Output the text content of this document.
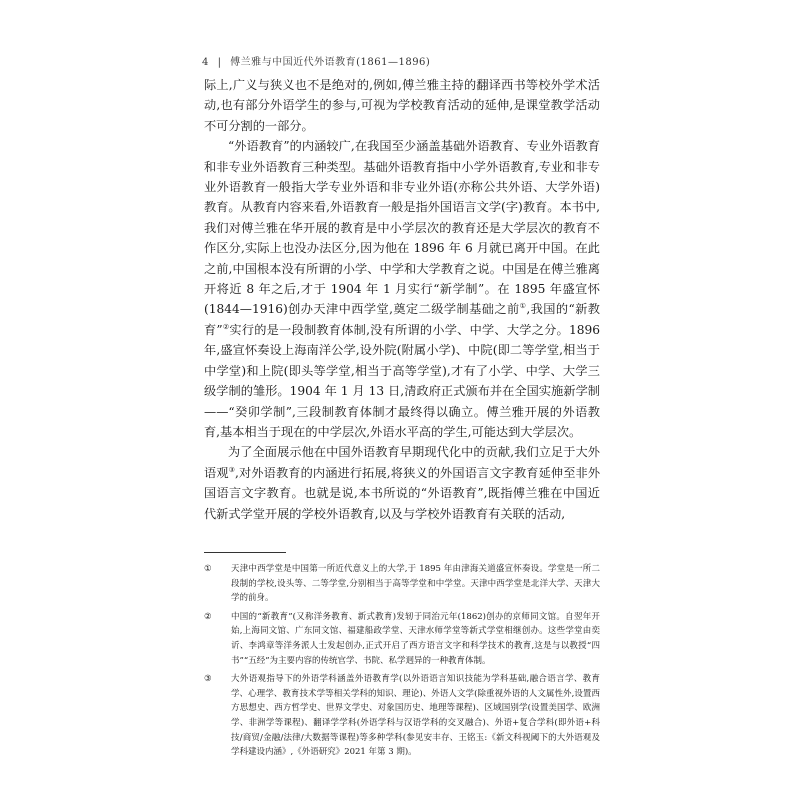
4 | 傅兰雅与中国近代外语教育(1861—1896)

际上,广义与狭义也不是绝对的,例如,傅兰雅主持的翻译西书等校外学术活动,也有部分外语学生的参与,可视为学校教育活动的延伸,是课堂教学活动不可分割的一部分。

“外语教育”的内涵较广,在我国至少涵盖基础外语教育、专业外语教育和非专业外语教育三种类型。基础外语教育指中小学外语教育,专业和非专业外语教育一般指大学专业外语和非专业外语(亦称公共外语、大学外语)教育。从教育内容来看,外语教育一般是指外国语言文学(字)教育。本书中,我们对傅兰雅在华开展的教育是中小学层次的教育还是大学层次的教育不作区分,实际上也没办法区分,因为他在 1896 年 6 月就已离开中国。在此之前,中国根本没有所谓的小学、中学和大学教育之说。中国是在傅兰雅离开将近 8 年之后,才于 1904 年 1 月实行“新学制”。在 1895 年盛宣怀(1844—1916)创办天津中西学堂,奠定二级学制基础之前①,我国的“新教育”②实行的是一段制教育体制,没有所谓的小学、中学、大学之分。1896 年,盛宣怀奏设上海南洋公学,设外院(附属小学)、中院(即二等学堂,相当于中学堂)和上院(即头等学堂,相当于高等学堂),才有了小学、中学、大学三级学制的雏形。1904 年 1 月 13 日,清政府正式颁布并在全国实施新学制——“癸卯学制”,三段制教育体制才最终得以确立。傅兰雅开展的外语教育,基本相当于现在的中学层次,外语水平高的学生,可能达到大学层次。

为了全面展示他在中国外语教育早期现代化中的贡献,我们立足于大外语观③,对外语教育的内涵进行拓展,将狭义的外国语言文字教育延伸至非外国语言文字教育。也就是说,本书所说的“外语教育”,既指傅兰雅在中国近代新式学堂开展的学校外语教育,以及与学校外语教育有关联的活动,

① 天津中西学堂是中国第一所近代意义上的大学,于 1895 年由津海关道盛宣怀奏设。学堂是一所二段制的学校,设头等、二等学堂,分别相当于高等学堂和中学堂。天津中西学堂是北洋大学、天津大学的前身。
② 中国的“新教育”(又称洋务教育、新式教育)发轫于同治元年(1862)创办的京师同文馆。自翌年开始,上海同文馆、广东同文馆、福建船政学堂、天津水师学堂等新式学堂相继创办。这些学堂由奕䜣、李鸿章等洋务派人士发起创办,正式开启了西方语言文字和科学技术的教育,这是与以教授“四书”“五经”为主要内容的传统官学、书院、私学迥异的一种教育体制。
③ 大外语观指导下的外语学科涵盖外语教育学(以外语语言知识技能为学科基础,融合语言学、教育学、心理学、教育技术学等相关学科的知识、理论)、外语人文学(除重视外语的人文属性外,设置西方思想史、西方哲学史、世界文学史、对象国历史、地理等课程)、区域国别学(设置美国学、欧洲学、非洲学等课程)、翻译学学科(外语学科与汉语学科的交叉融合)、外语+复合学科(即外语+科技/商贸/金融/法律/大数据等课程)等多种学科(参见安丰存、王铭玉:《新文科视阈下的大外语观及学科建设内涵》,《外语研究》2021 年第 3 期)。
